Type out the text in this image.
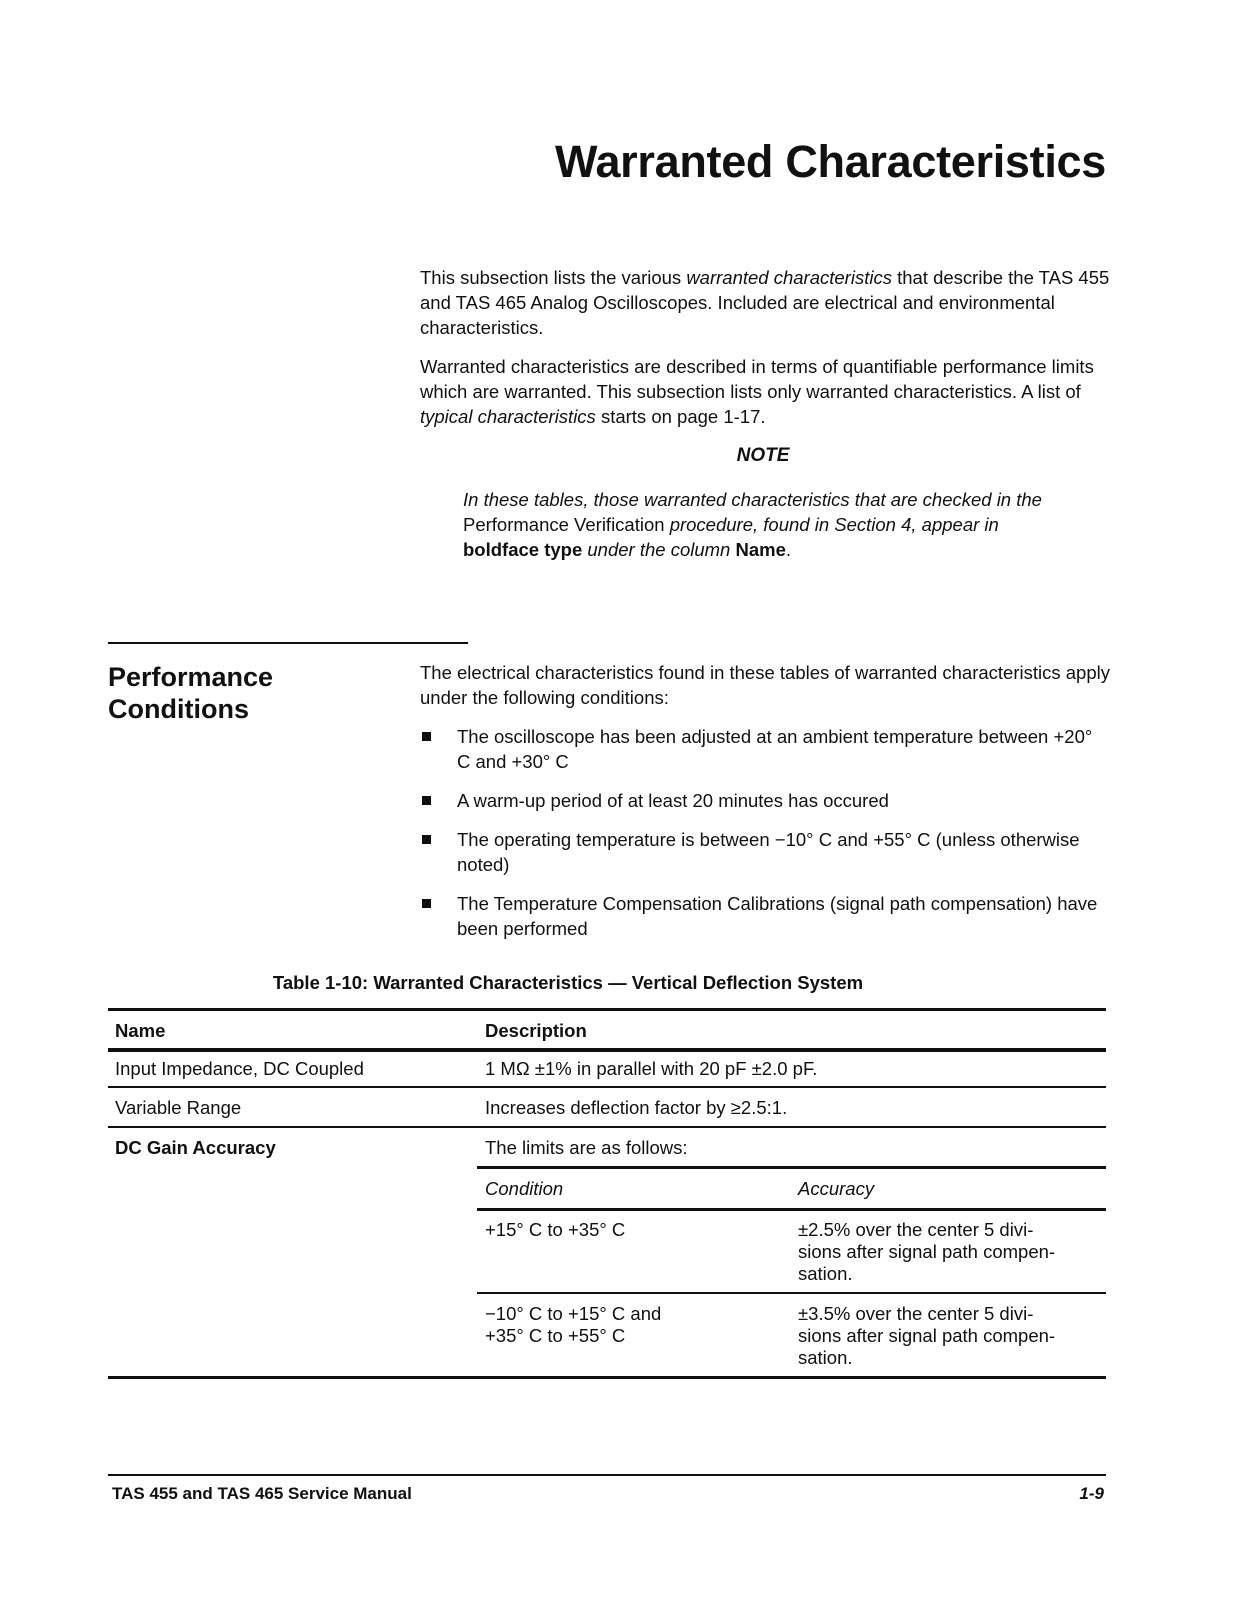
Warranted Characteristics

This subsection lists the various warranted characteristics that describe the TAS 455 and TAS 465 Analog Oscilloscopes. Included are electrical and environmental characteristics.

Warranted characteristics are described in terms of quantifiable performance limits which are warranted. This subsection lists only warranted characteristics. A list of typical characteristics starts on page 1-17.

NOTE

In these tables, those warranted characteristics that are checked in the Performance Verification procedure, found in Section 4, appear in boldface type under the column Name.

Performance
Conditions

The electrical characteristics found in these tables of warranted characteristics apply under the following conditions:

The oscilloscope has been adjusted at an ambient temperature between +20° C and +30° C
A warm-up period of at least 20 minutes has occured
The operating temperature is between −10° C and +55° C (unless otherwise noted)
The Temperature Compensation Calibrations (signal path compensation) have been performed
Table 1-10: Warranted Characteristics — Vertical Deflection System
Name	Description
Input Impedance, DC Coupled	1 MΩ ±1% in parallel with 20 pF ±2.0 pF.
Variable Range	Increases deflection factor by ≥2.5:1.
DC Gain Accuracy	The limits are as follows:
Condition	Accuracy
+15° C to +35° C	±2.5% over the center 5 divi-
sions after signal path compen-
sation.
−10° C to +15° C and
+35° C to +55° C
±3.5% over the center 5 divi-
sions after signal path compen-
sation.
TAS 455 and TAS 465 Service Manual	1-9
